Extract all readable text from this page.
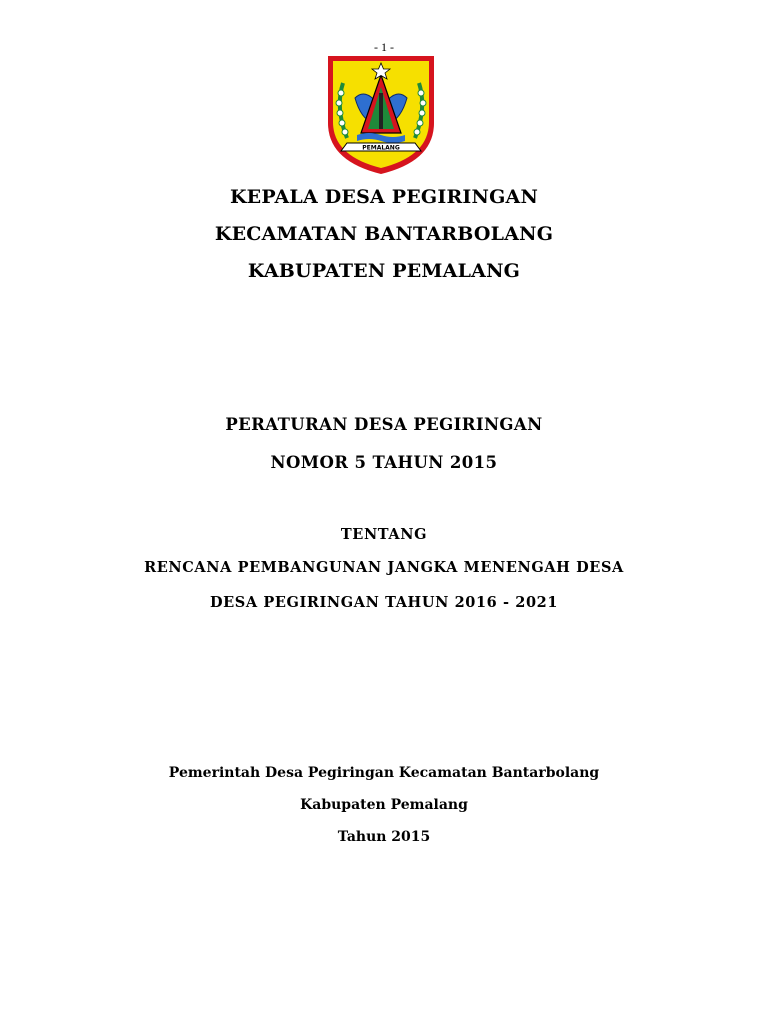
- 1 -
PEMALANG
KEPALA DESA PEGIRINGAN
KECAMATAN BANTARBOLANG
KABUPATEN PEMALANG
PERATURAN DESA PEGIRINGAN
NOMOR 5 TAHUN 2015
TENTANG
RENCANA PEMBANGUNAN JANGKA MENENGAH DESA
DESA PEGIRINGAN TAHUN 2016 - 2021
Pemerintah Desa Pegiringan Kecamatan Bantarbolang
Kabupaten Pemalang
Tahun 2015
